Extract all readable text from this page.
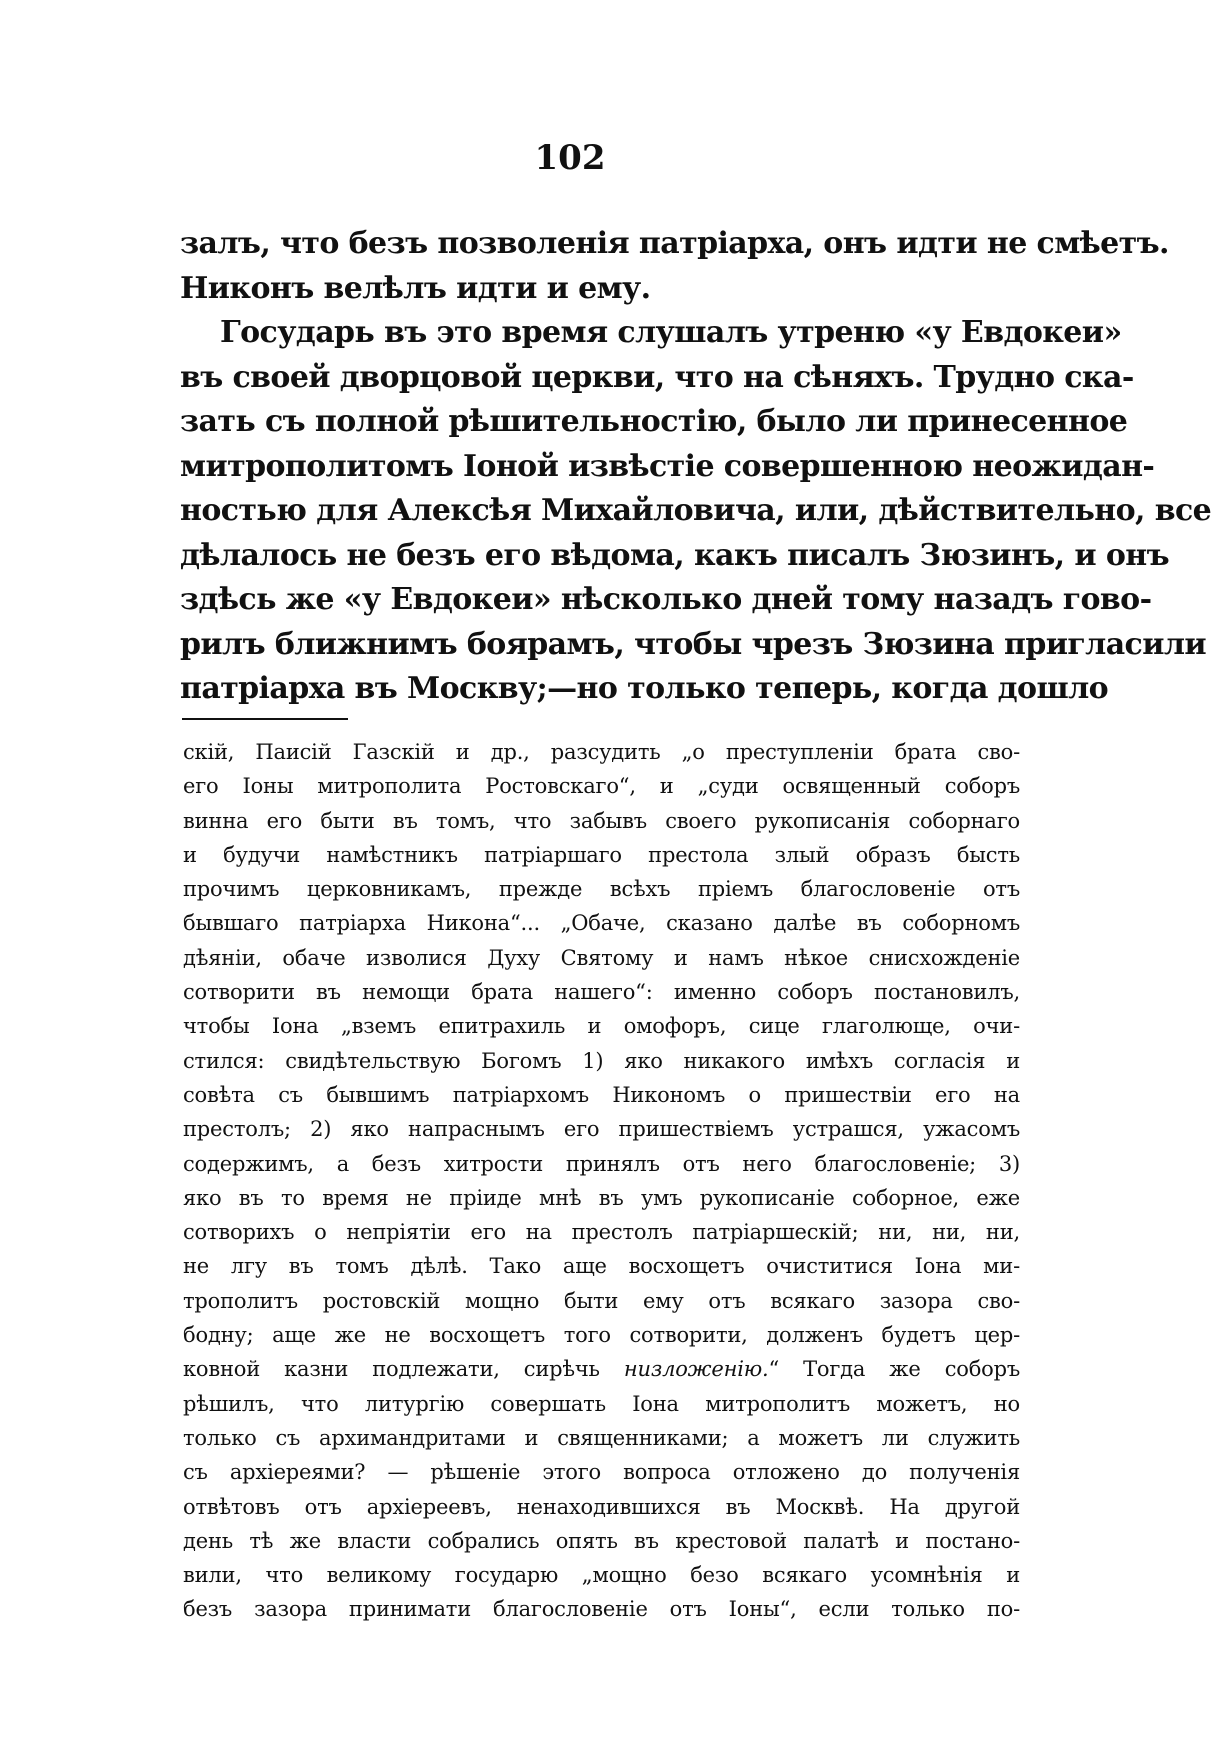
102
залъ, что безъ позволенія патріарха, онъ идти не смѣетъ.
Никонъ велѣлъ идти и ему.
Государь въ это время слушалъ утреню «у Евдокеи»
въ своей дворцовой церкви, что на сѣняхъ. Трудно ска-
зать съ полной рѣшительностію, было ли принесенное
митрополитомъ Іоной извѣстіе совершенною неожидан-
ностью для Алексѣя Михайловича, или, дѣйствительно, все
дѣлалось не безъ его вѣдома, какъ писалъ Зюзинъ, и онъ
здѣсь же «у Евдокеи» нѣсколько дней тому назадъ гово-
рилъ ближнимъ боярамъ, чтобы чрезъ Зюзина пригласили
патріарха въ Москву;—но только теперь, когда дошло
скій, Паисій Газскій и др., разсудить „о преступленіи брата сво-
его Іоны митрополита Ростовскаго“, и „суди освященный соборъ
винна его быти въ томъ, что забывъ своего рукописанія соборнаго
и будучи намѣстникъ патріаршаго престола злый образъ бысть
прочимъ церковникамъ, прежде всѣхъ пріемъ благословеніе отъ
бывшаго патріарха Никона“... „Обаче, сказано далѣе въ соборномъ
дѣяніи, обаче изволися Духу Святому и намъ нѣкое снисхожденіе
сотворити въ немощи брата нашего“: именно соборъ постановилъ,
чтобы Іона „вземъ епитрахиль и омофоръ, сице глаголюще, очи-
стился: свидѣтельствую Богомъ 1) яко никакого имѣхъ согласія и
совѣта съ бывшимъ патріархомъ Никономъ о пришествіи его на
престолъ; 2) яко напраснымъ его пришествіемъ устрашся, ужасомъ
содержимъ, а безъ хитрости принялъ отъ него благословеніе; 3)
яко въ то время не пріиде мнѣ въ умъ рукописаніе соборное, еже
сотворихъ о непріятіи его на престолъ патріаршескій; ни, ни, ни,
не лгу въ томъ дѣлѣ. Тако аще восхощетъ очиститися Іона ми-
трополитъ ростовскій мощно быти ему отъ всякаго зазора сво-
бодну; аще же не восхощетъ того сотворити, долженъ будетъ цер-
ковной казни подлежати, сирѣчь низложенію.“ Тогда же соборъ
рѣшилъ, что литургію совершать Іона митрополитъ можетъ, но
только съ архимандритами и священниками; а можетъ ли служить
съ архіереями? — рѣшеніе этого вопроса отложено до полученія
отвѣтовъ отъ архіереевъ, ненаходившихся въ Москвѣ. На другой
день тѣ же власти собрались опять въ крестовой палатѣ и постано-
вили, что великому государю „мощно безо всякаго усомнѣнія и
безъ зазора принимати благословеніе отъ Іоны“, если только по-
